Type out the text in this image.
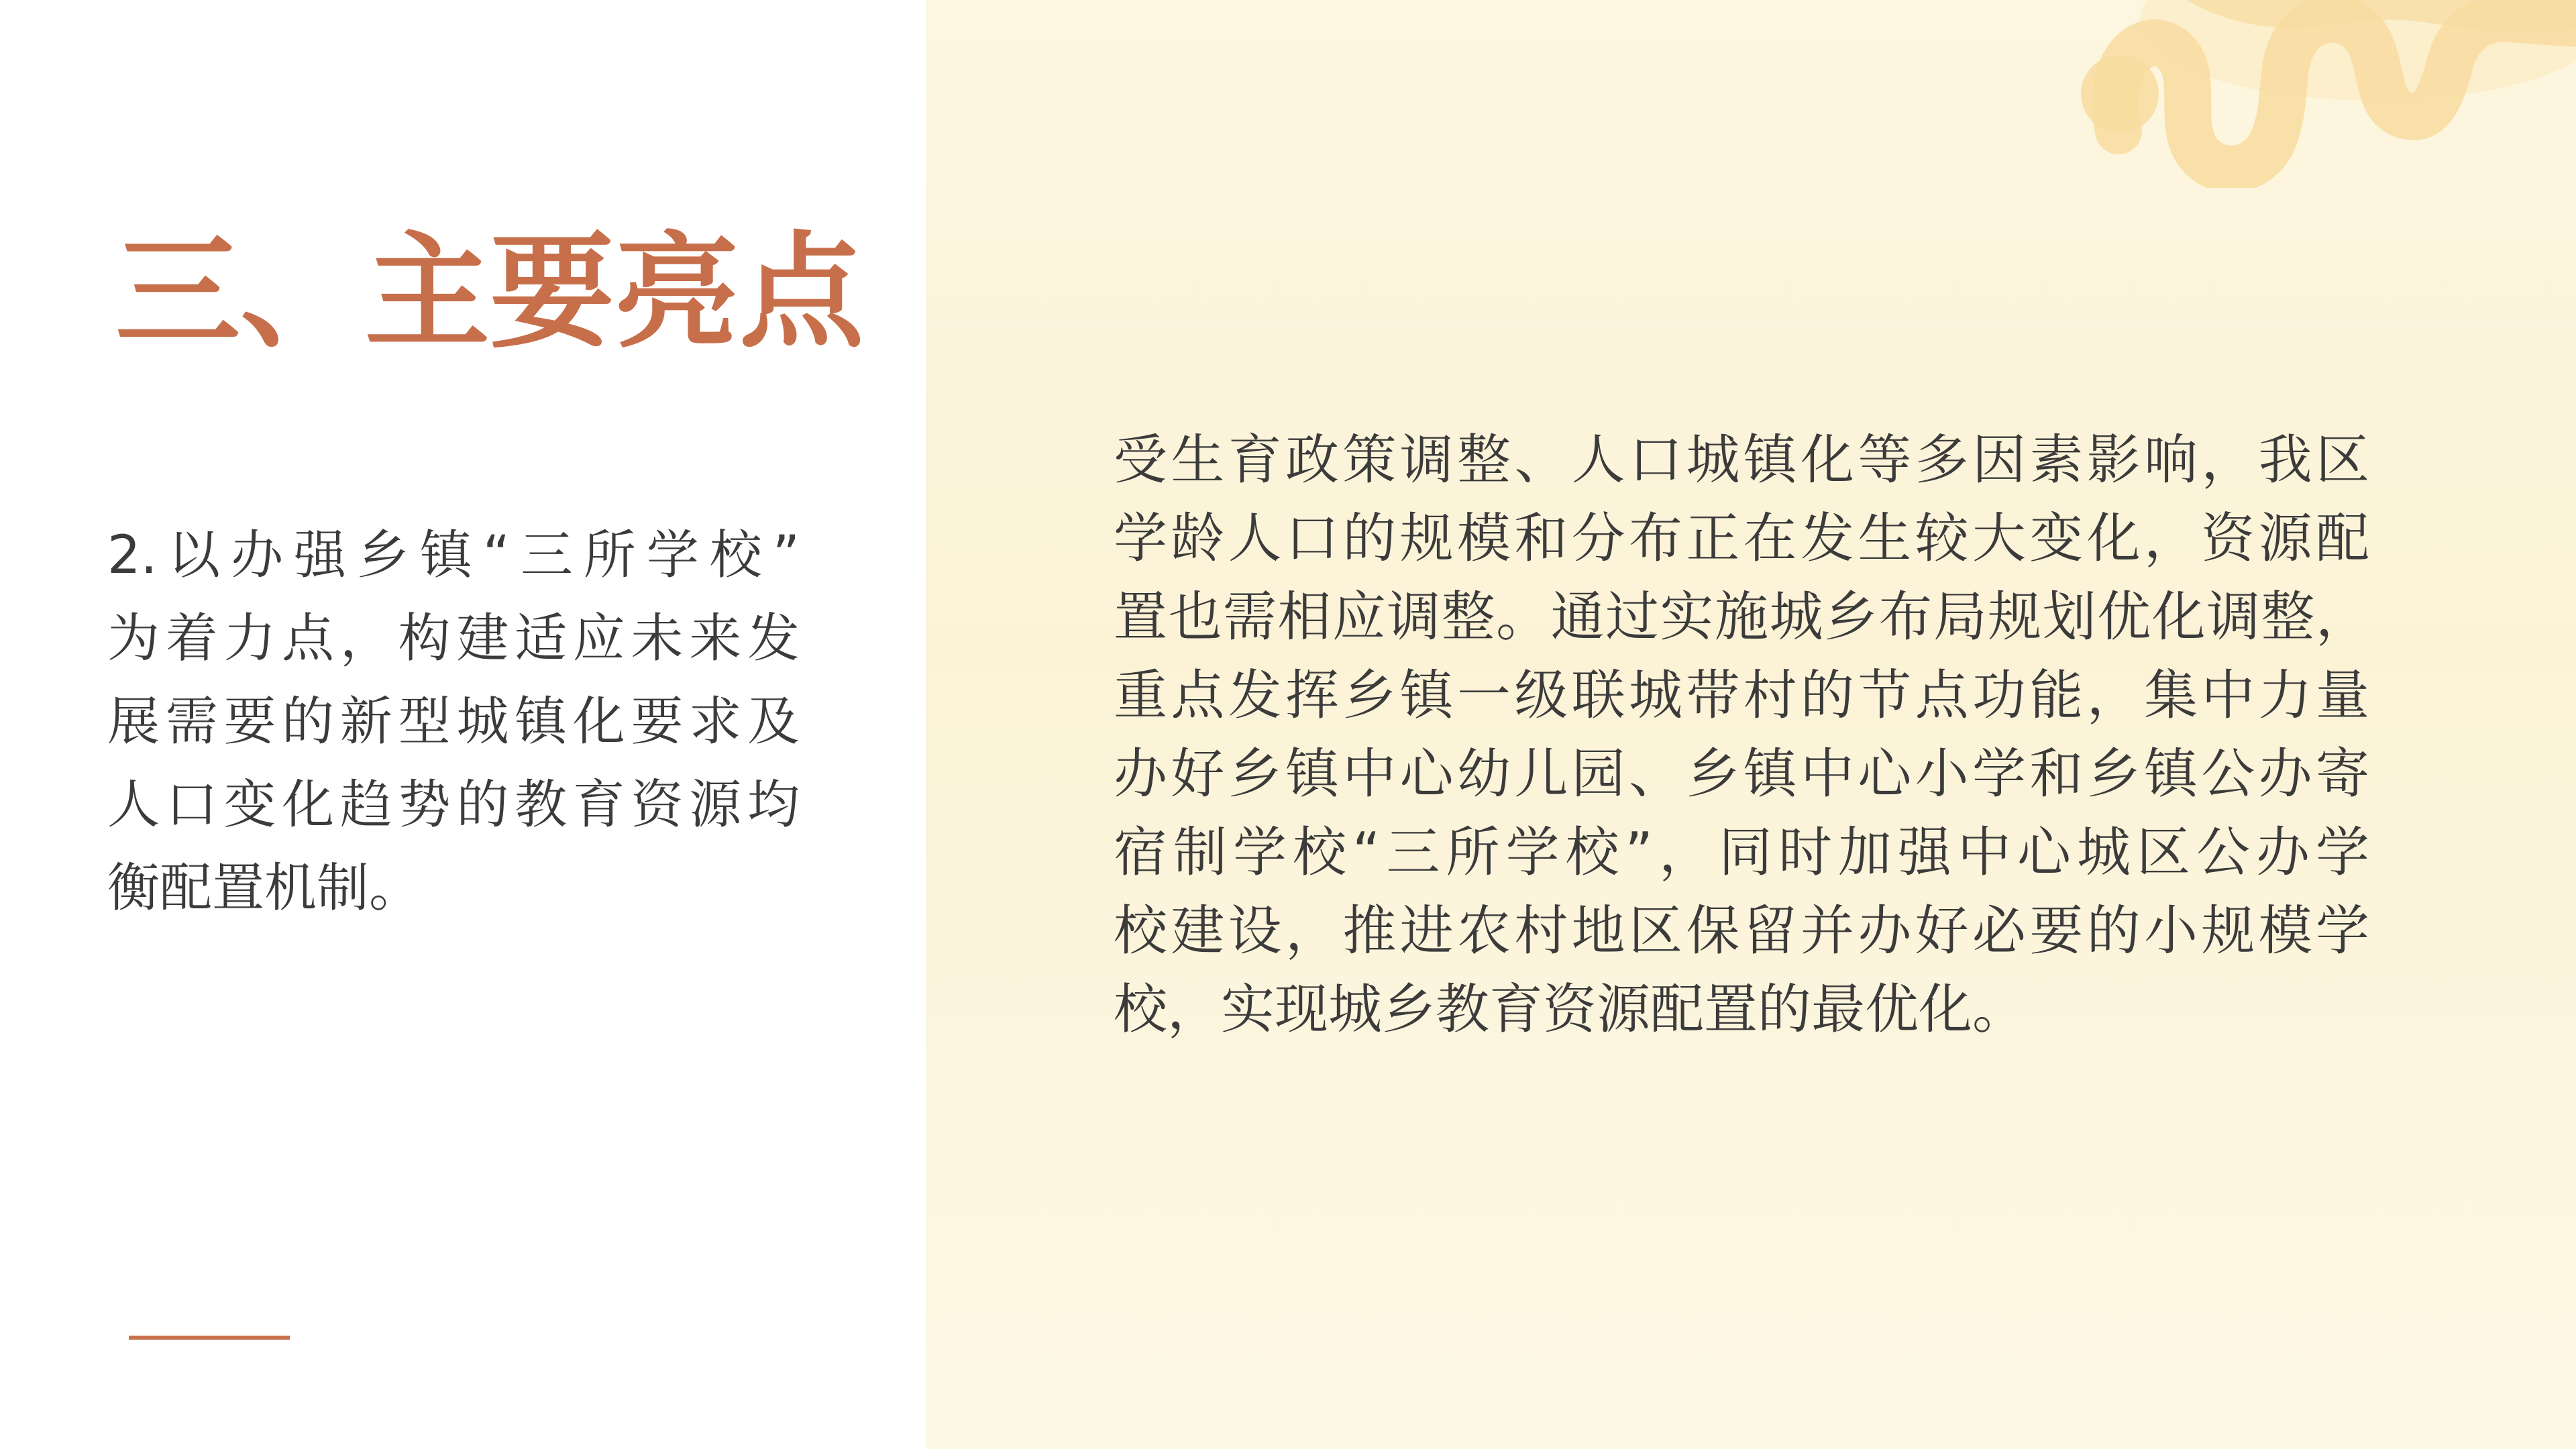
三、主要亮点
2.以办强乡镇“三所学校”
为着力点，构建适应未来发
展需要的新型城镇化要求及
人口变化趋势的教育资源均
衡配置机制。
受生育政策调整、人口城镇化等多因素影响，我区
学龄人口的规模和分布正在发生较大变化，资源配
置也需相应调整。通过实施城乡布局规划优化调整，
重点发挥乡镇一级联城带村的节点功能，集中力量
办好乡镇中心幼儿园、乡镇中心小学和乡镇公办寄
宿制学校“三所学校”，同时加强中心城区公办学
校建设，推进农村地区保留并办好必要的小规模学
校，实现城乡教育资源配置的最优化。
